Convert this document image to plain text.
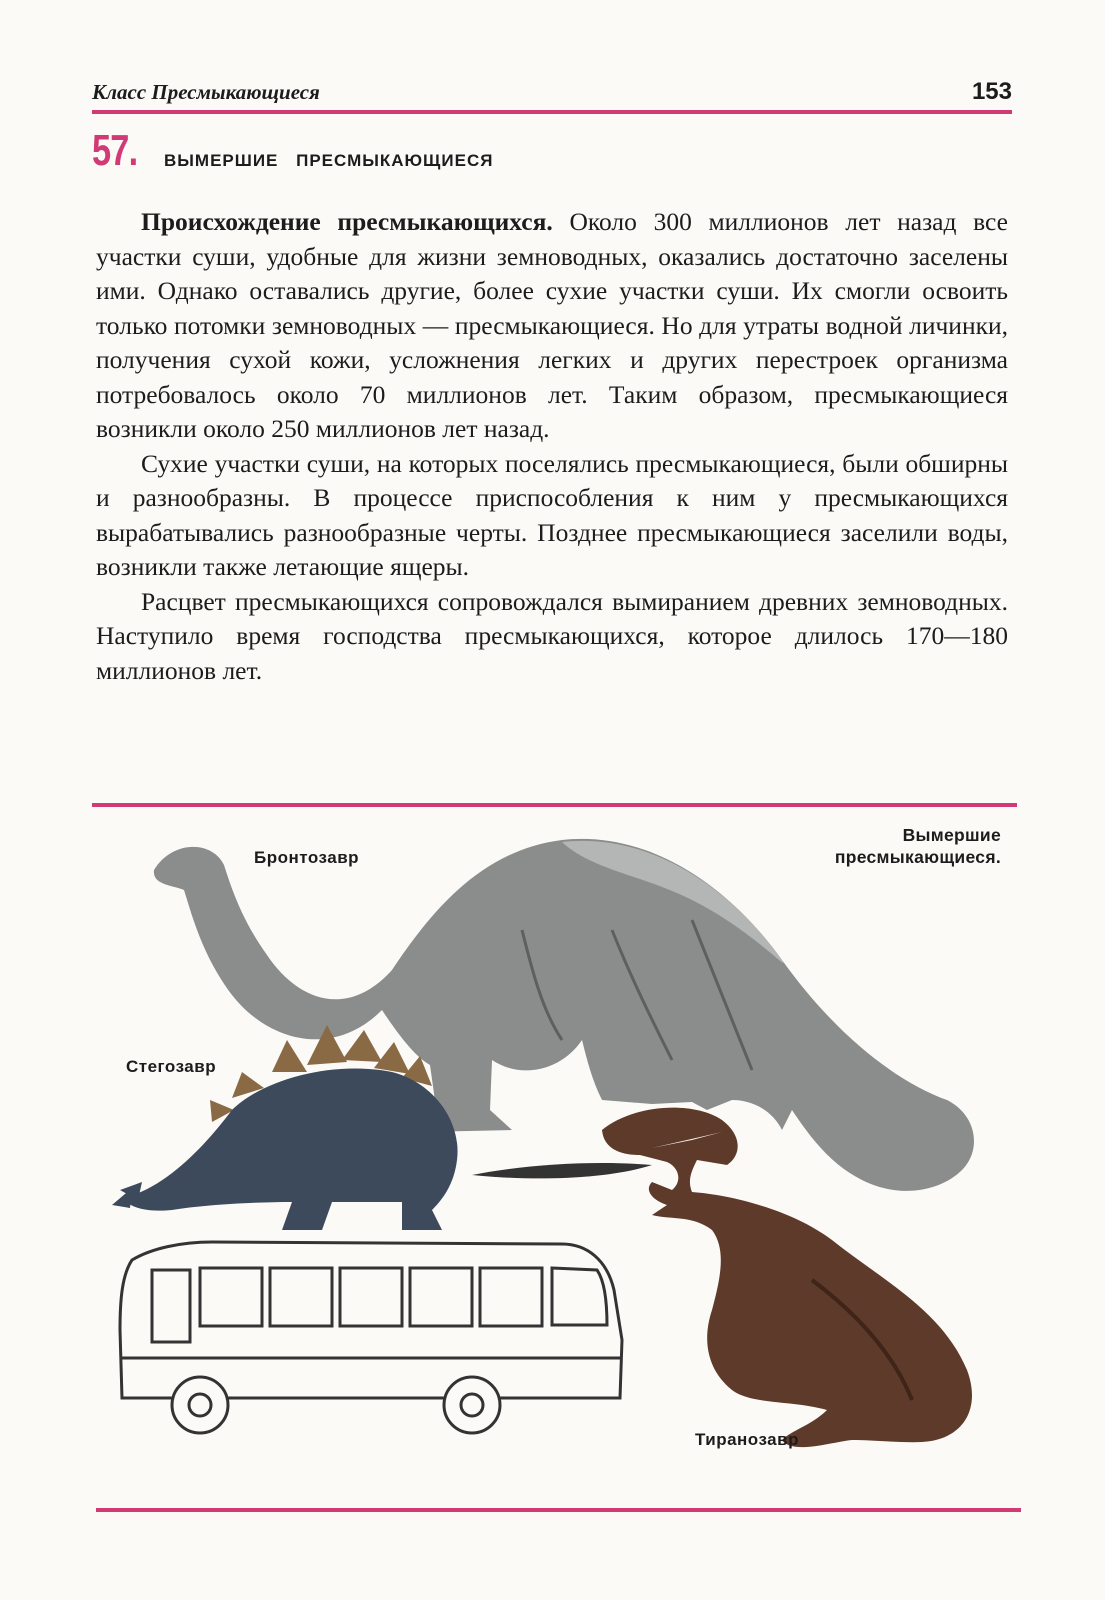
Класс Пресмыкающиеся	153
57. ВЫМЕРШИЕ ПРЕСМЫКАЮЩИЕСЯ

Происхождение пресмыкающихся. Около 300 миллионов лет назад все участки суши, удобные для жизни земноводных, оказались достаточно заселены ими. Однако оставались другие, более сухие участки суши. Их смогли освоить только потомки земноводных — пресмыкающиеся. Но для утраты водной личинки, получения сухой кожи, усложнения легких и других перестроек организма потребовалось около 70 миллионов лет. Таким образом, пресмыкающиеся возникли около 250 миллионов лет назад.

Сухие участки суши, на которых поселялись пресмыкающиеся, были обширны и разнообразны. В процессе приспособления к ним у пресмыкающихся вырабатывались разнообразные черты. Позднее пресмыкающиеся заселили воды, возникли также летающие ящеры.

Расцвет пресмыкающихся сопровождался вымиранием древних земноводных. Наступило время господства пресмыкающихся, которое длилось 170—180 миллионов лет.

Бронтозавр
Стегозавр
Тиранозавр
Вымершие пресмыкающиеся.
